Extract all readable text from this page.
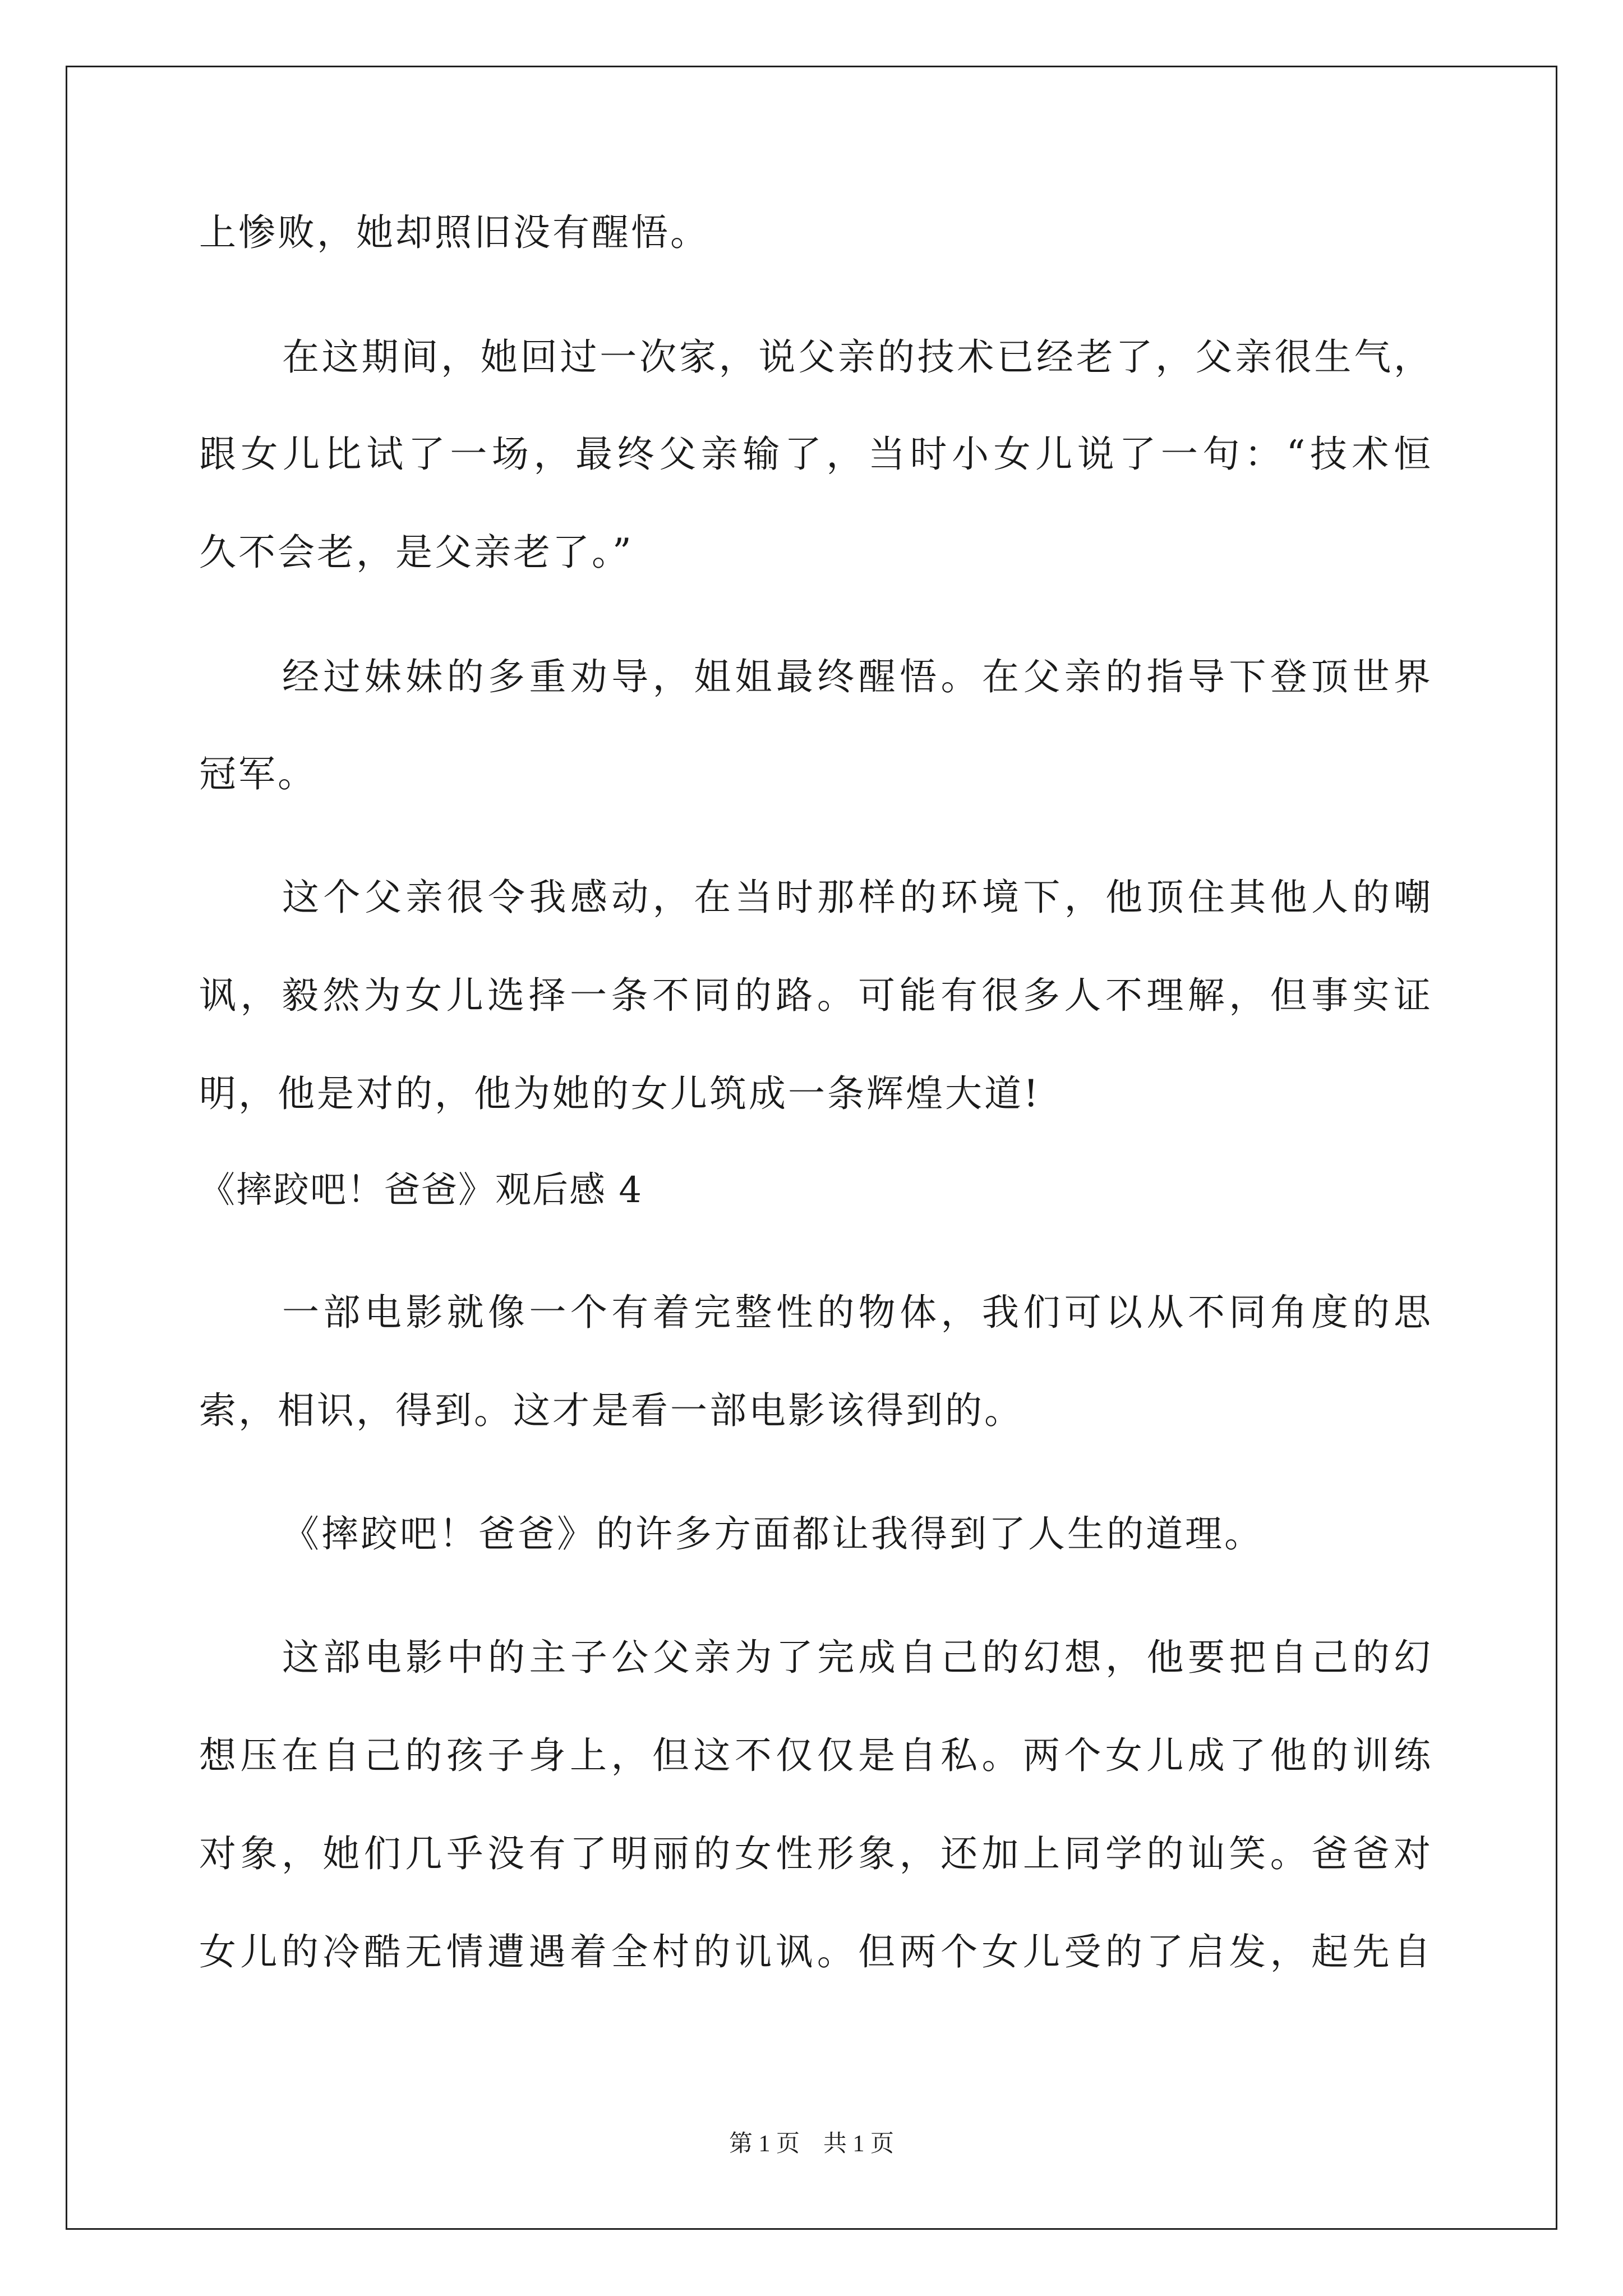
上惨败，她却照旧没有醒悟。
在这期间，她回过一次家，说父亲的技术已经老了，父亲很生气，
跟女儿比试了一场，最终父亲输了，当时小女儿说了一句：“技术恒
久不会老，是父亲老了。”
经过妹妹的多重劝导，姐姐最终醒悟。在父亲的指导下登顶世界
冠军。
这个父亲很令我感动，在当时那样的环境下，他顶住其他人的嘲
讽，毅然为女儿选择一条不同的路。可能有很多人不理解，但事实证
明，他是对的，他为她的女儿筑成一条辉煌大道!
《摔跤吧！爸爸》观后感 4
一部电影就像一个有着完整性的物体，我们可以从不同角度的思
索，相识，得到。这才是看一部电影该得到的。
《摔跤吧！爸爸》的许多方面都让我得到了人生的道理。
这部电影中的主子公父亲为了完成自己的幻想，他要把自己的幻
想压在自己的孩子身上，但这不仅仅是自私。两个女儿成了他的训练
对象，她们几乎没有了明丽的女性形象，还加上同学的讪笑。爸爸对
女儿的冷酷无情遭遇着全村的讥讽。但两个女儿受的了启发，起先自
第 1 页　共 1 页
